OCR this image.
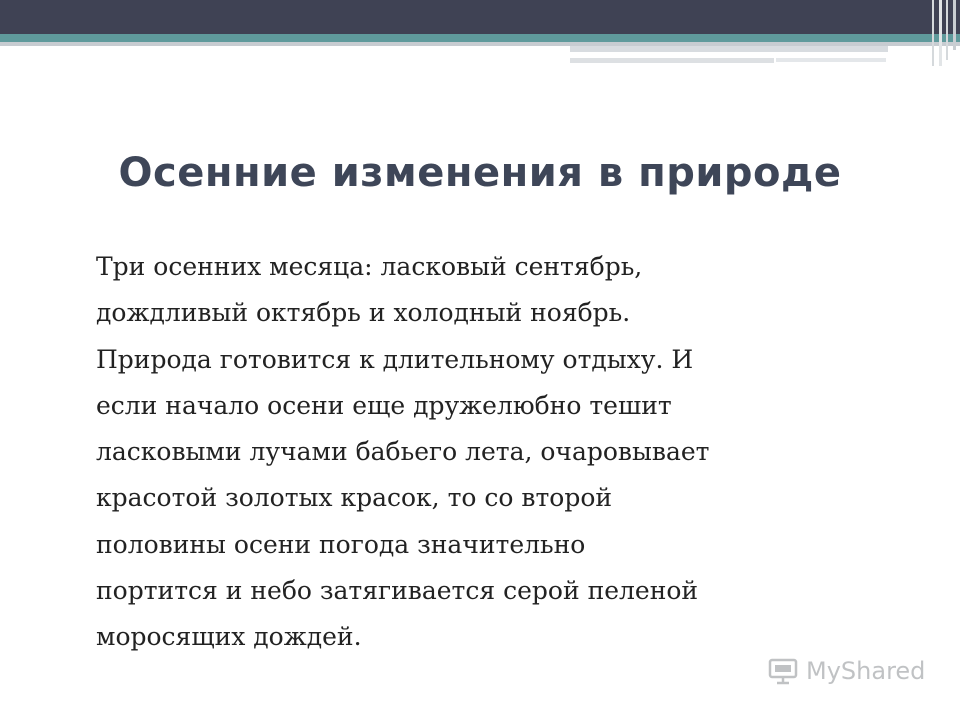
Осенние изменения в природе
Три осенних месяца: ласковый сентябрь,
дождливый октябрь и холодный ноябрь.
Природа готовится к длительному отдыху. И
если начало осени еще дружелюбно тешит
ласковыми лучами бабьего лета, очаровывает
красотой золотых красок, то со второй
половины осени погода значительно
портится и небо затягивается серой пеленой
моросящих дождей.
MyShared
